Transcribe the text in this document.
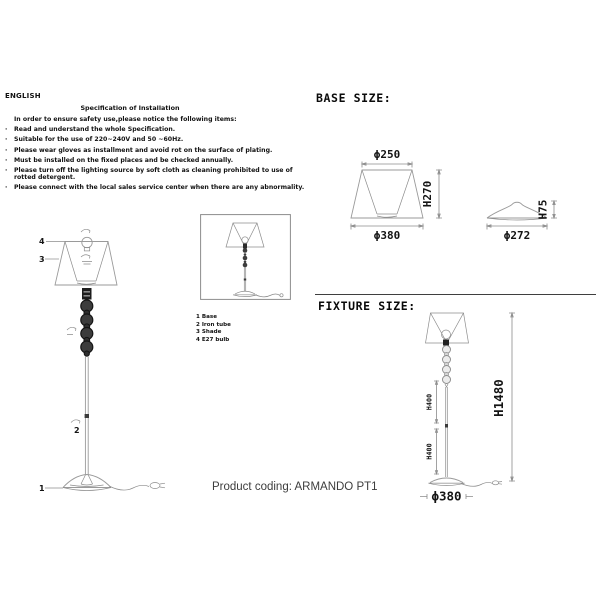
ENGLISH
Specification of Installation
In order to ensure safety use,please notice the following items:
·	Read and understand the whole Specification.
·	Suitable for the use of 220~240V and 50 ~60Hz.
·	Please wear gloves as installment and avoid rot on the surface of plating.
·	Must be installed on the fixed places and be checked annually.
·	Please turn off the lighting source by soft cloth as cleaning prohibited to use of rotted detergent.
·	Please connect with the local sales service center when there are any abnormality.
4
3
2
1
1 Base
2 Iron tube
3 Shade
4 E27 bulb
BASE SIZE:
ϕ250
H270
ϕ380
H75
ϕ272
FIXTURE SIZE:
H400
H400
H1480
ϕ380
Product coding: ARMANDO PT1
